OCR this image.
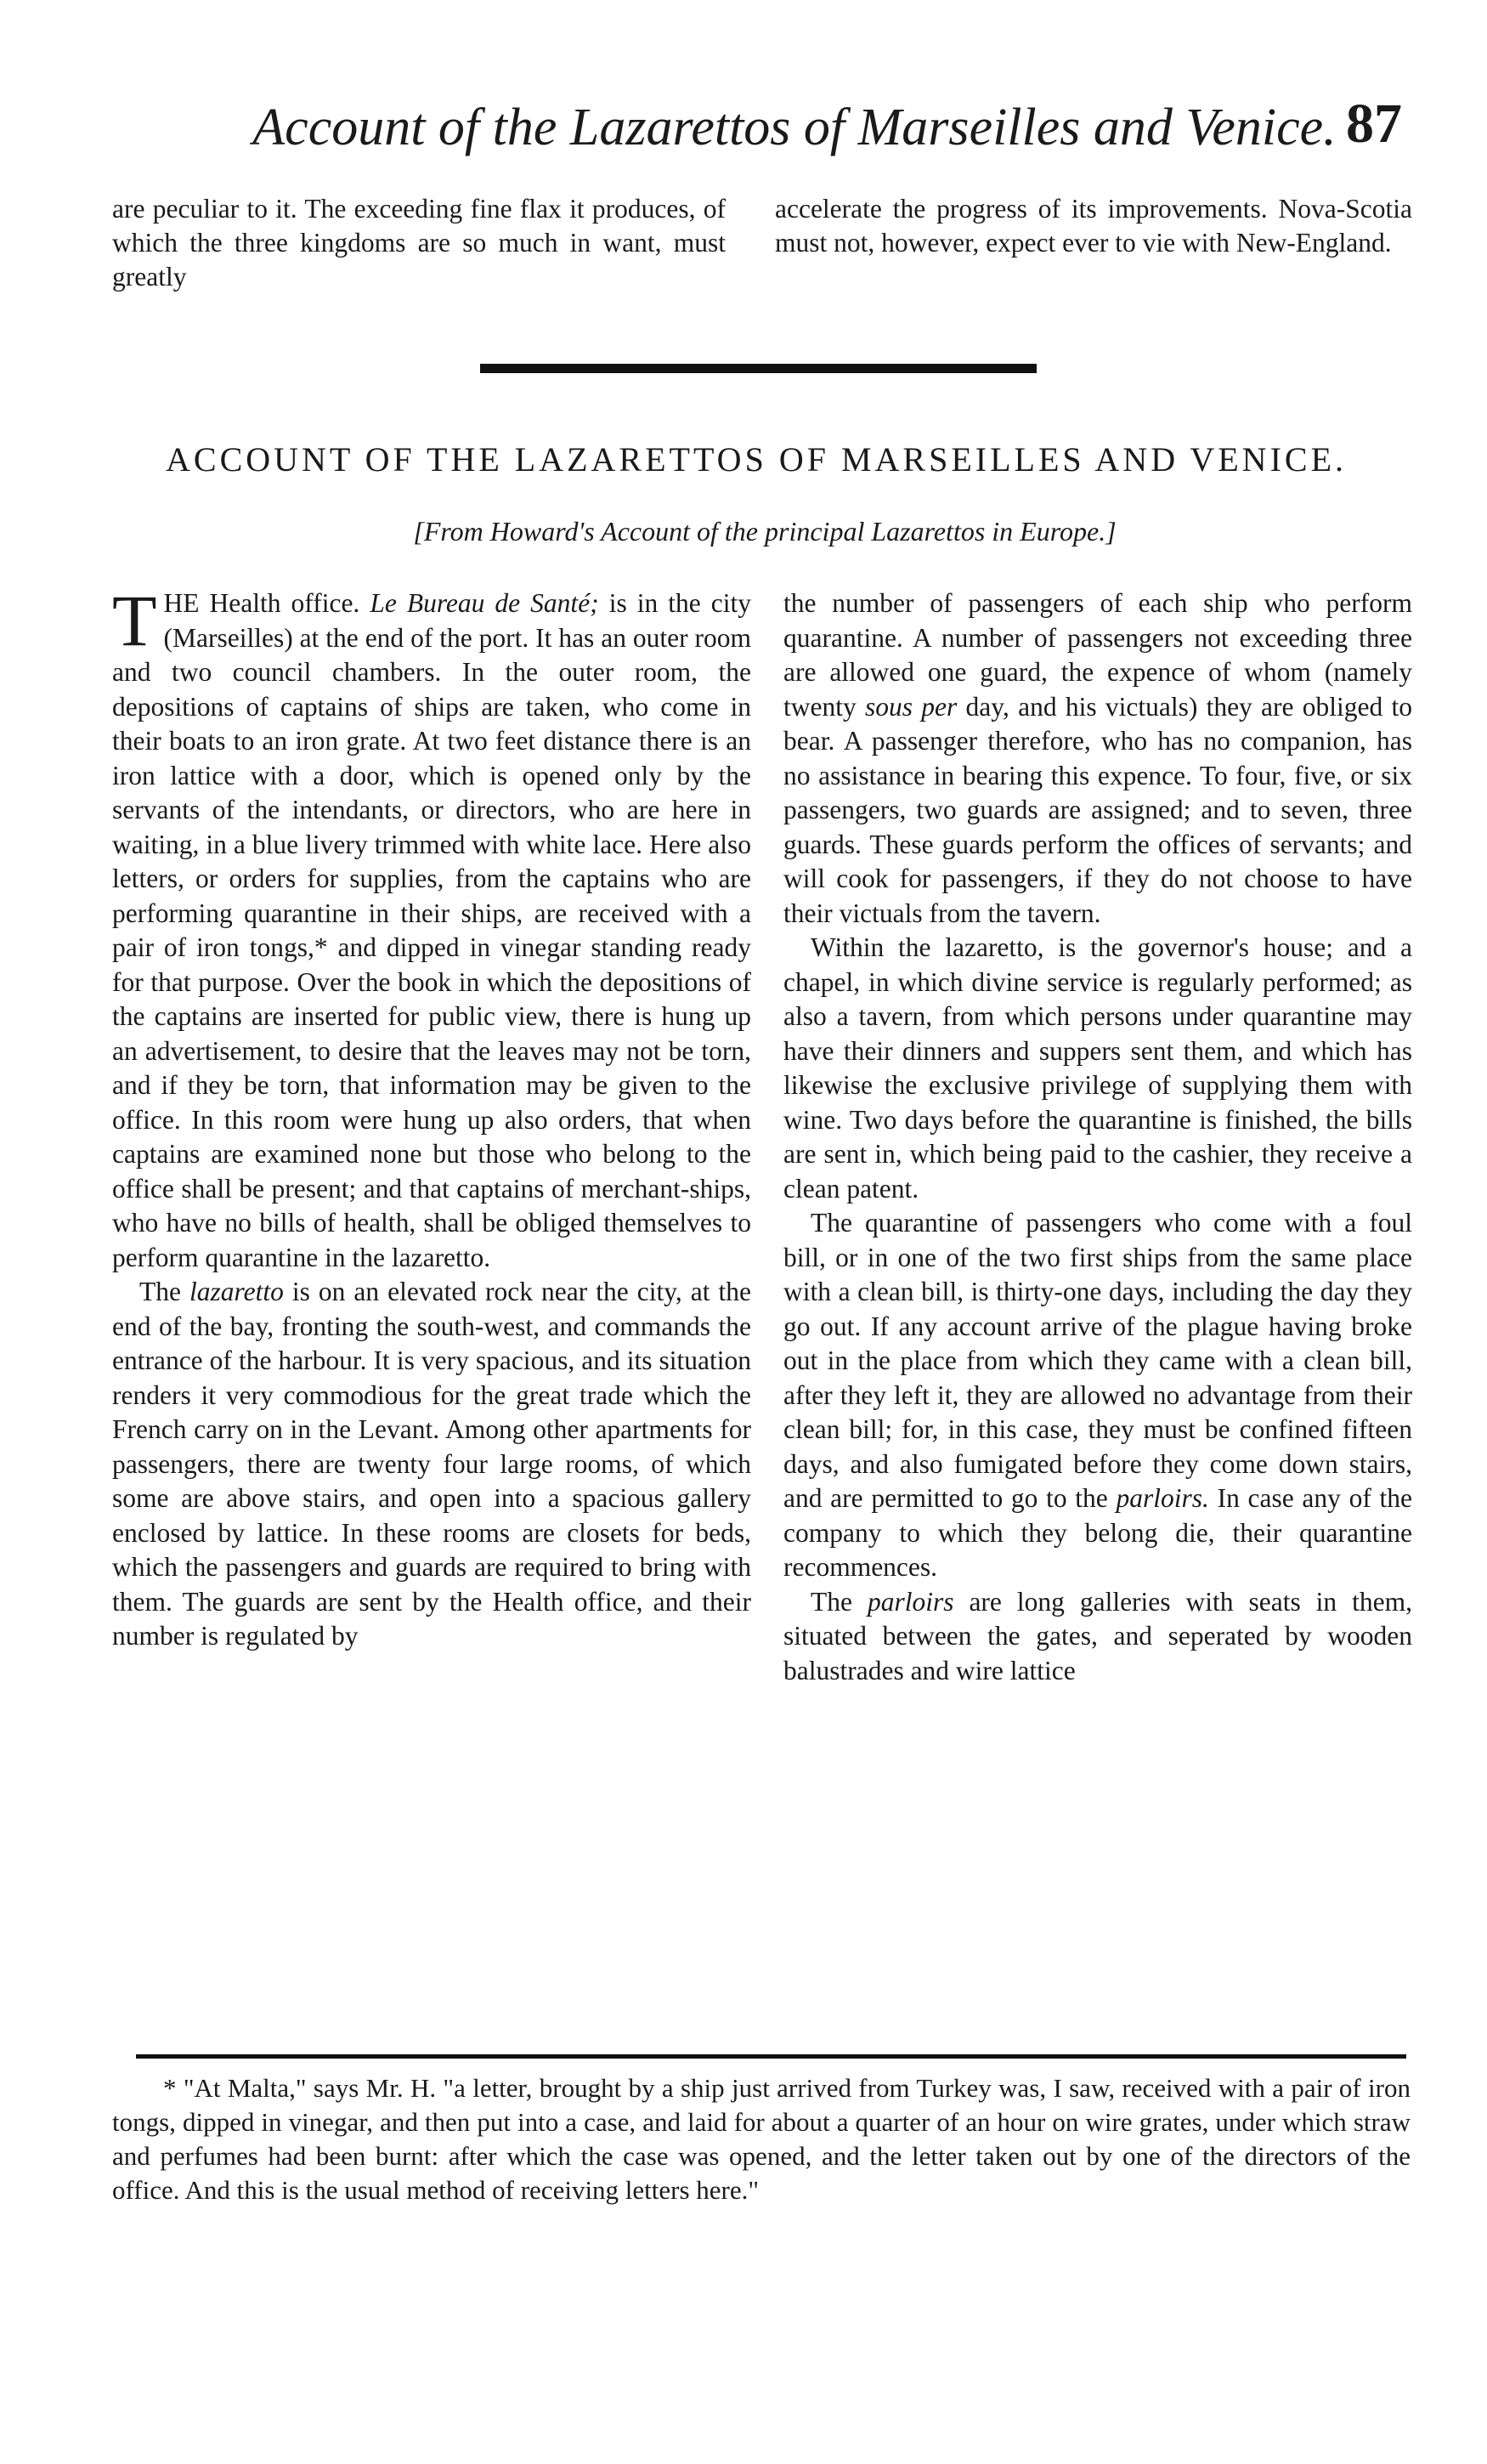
Account of the Lazarettos of Marseilles and Venice. 87

are peculiar to it. The exceeding fine flax it produces, of which the three kingdoms are so much in want, must greatly

accelerate the progress of its improvements. Nova-Scotia must not, however, expect ever to vie with New-England.

ACCOUNT OF THE LAZARETTOS OF MARSEILLES AND VENICE.
[From Howard's Account of the principal Lazarettos in Europe.]

T HE Health office. Le Bureau de Santé; is in the city (Marseilles) at the end of the port. It has an outer room and two council chambers. In the outer room, the depositions of captains of ships are taken, who come in their boats to an iron grate. At two feet distance there is an iron lattice with a door, which is opened only by the servants of the intendants, or directors, who are here in waiting, in a blue livery trimmed with white lace. Here also letters, or orders for supplies, from the captains who are performing quarantine in their ships, are received with a pair of iron tongs,* and dipped in vinegar standing ready for that purpose. Over the book in which the depositions of the captains are inserted for public view, there is hung up an advertisement, to desire that the leaves may not be torn, and if they be torn, that information may be given to the office. In this room were hung up also orders, that when captains are examined none but those who belong to the office shall be present; and that captains of merchant-ships, who have no bills of health, shall be obliged themselves to perform quarantine in the lazaretto.

The lazaretto is on an elevated rock near the city, at the end of the bay, fronting the south-west, and commands the entrance of the harbour. It is very spacious, and its situation renders it very commodious for the great trade which the French carry on in the Levant. Among other apartments for passengers, there are twenty four large rooms, of which some are above stairs, and open into a spacious gallery enclosed by lattice. In these rooms are closets for beds, which the passengers and guards are required to bring with them. The guards are sent by the Health office, and their number is regulated by

the number of passengers of each ship who perform quarantine. A number of passengers not exceeding three are allowed one guard, the expence of whom (namely twenty sous per day, and his victuals) they are obliged to bear. A passenger therefore, who has no companion, has no assistance in bearing this expence. To four, five, or six passengers, two guards are assigned; and to seven, three guards. These guards perform the offices of servants; and will cook for passengers, if they do not choose to have their victuals from the tavern.

Within the lazaretto, is the governor's house; and a chapel, in which divine service is regularly performed; as also a tavern, from which persons under quarantine may have their dinners and suppers sent them, and which has likewise the exclusive privilege of supplying them with wine. Two days before the quarantine is finished, the bills are sent in, which being paid to the cashier, they receive a clean patent.

The quarantine of passengers who come with a foul bill, or in one of the two first ships from the same place with a clean bill, is thirty-one days, including the day they go out. If any account arrive of the plague having broke out in the place from which they came with a clean bill, after they left it, they are allowed no advantage from their clean bill; for, in this case, they must be confined fifteen days, and also fumigated before they come down stairs, and are permitted to go to the parloirs. In case any of the company to which they belong die, their quarantine recommences.

The parloirs are long galleries with seats in them, situated between the gates, and seperated by wooden balustrades and wire lattice

* "At Malta," says Mr. H. "a letter, brought by a ship just arrived from Turkey was, I saw, received with a pair of iron tongs, dipped in vinegar, and then put into a case, and laid for about a quarter of an hour on wire grates, under which straw and perfumes had been burnt: after which the case was opened, and the letter taken out by one of the directors of the office. And this is the usual method of receiving letters here."
